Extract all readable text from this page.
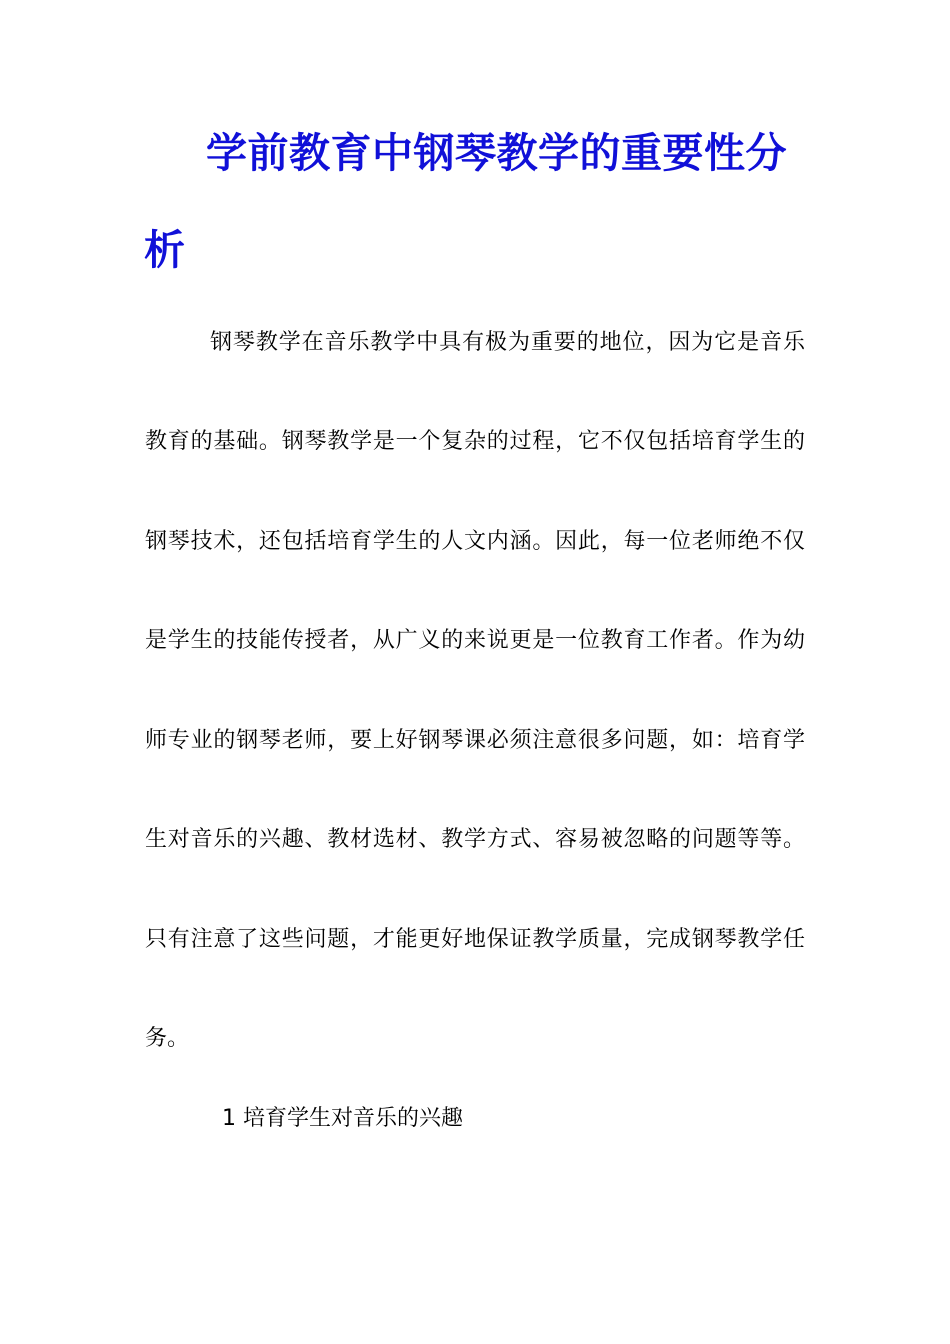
学前教育中钢琴教学的重要性分
析
钢琴教学在音乐教学中具有极为重要的地位，因为它是音乐
教育的基础。钢琴教学是一个复杂的过程，它不仅包括培育学生的
钢琴技术，还包括培育学生的人文内涵。因此，每一位老师绝不仅
是学生的技能传授者，从广义的来说更是一位教育工作者。作为幼
师专业的钢琴老师，要上好钢琴课必须注意很多问题，如：培育学
生对音乐的兴趣、教材选材、教学方式、容易被忽略的问题等等。
只有注意了这些问题，才能更好地保证教学质量，完成钢琴教学任
务。
1 培育学生对音乐的兴趣
